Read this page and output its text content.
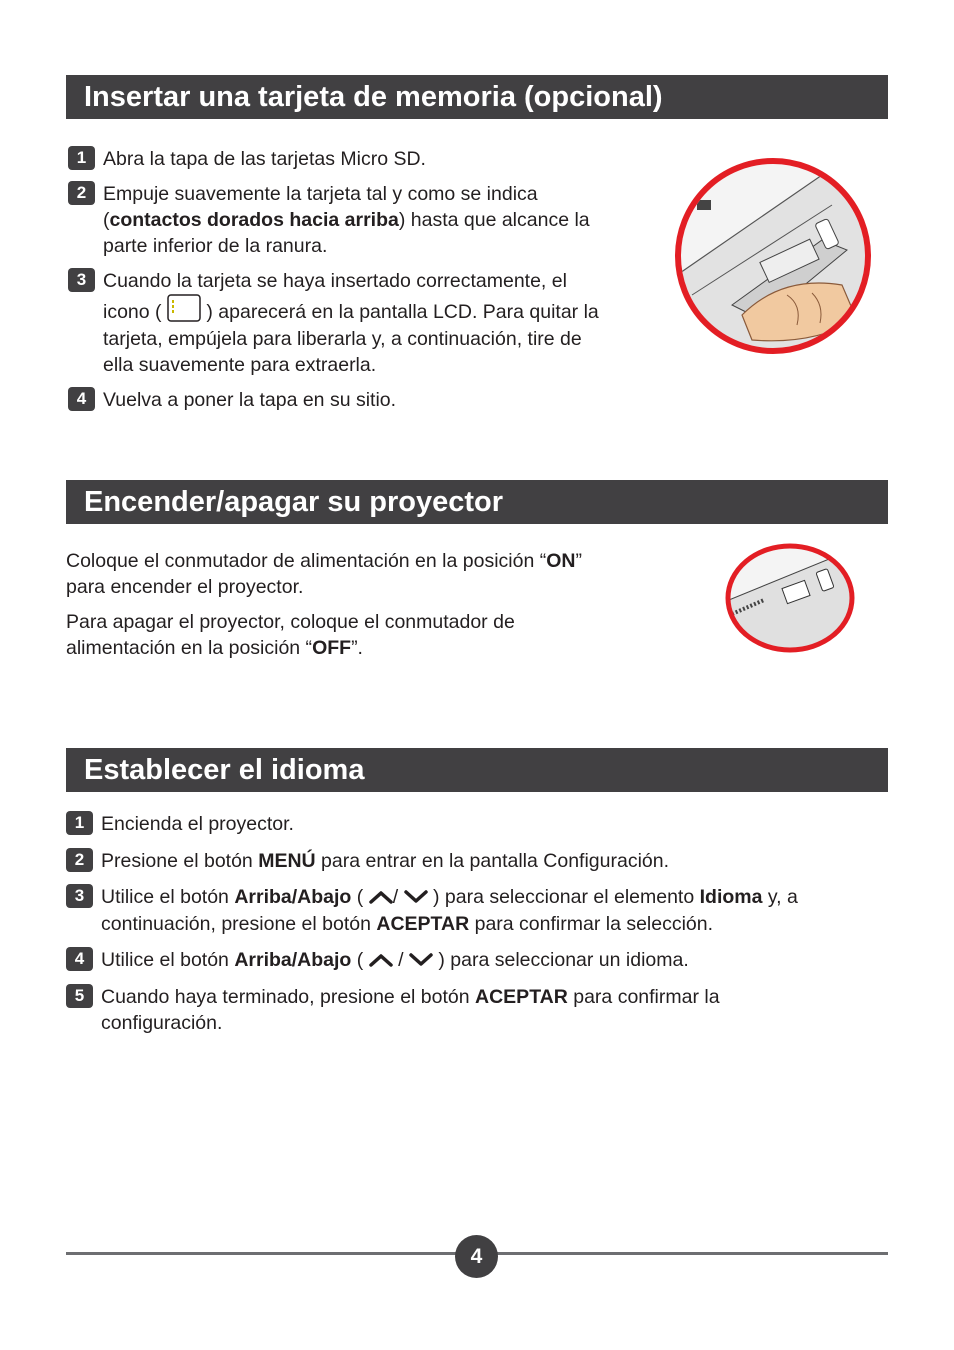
Insertar una tarjeta de memoria (opcional)
1 Abra la tapa de las tarjetas Micro SD.
2 Empuje suavemente la tarjeta tal y como se indica
(contactos dorados hacia arriba) hasta que alcance la
parte inferior de la ranura.
3 Cuando la tarjeta se haya insertado correctamente, el

icono ( ) aparecerá en la pantalla LCD. Para quitar la
tarjeta, empújela para liberarla y, a continuación, tire de
ella suavemente para extraerla.
4 Vuelva a poner la tapa en su sitio.
Encender/apagar su proyector
Coloque el conmutador de alimentación en la posición “ON”
para encender el proyector.
Para apagar el proyector, coloque el conmutador de
alimentación en la posición “OFF”.
Establecer el idioma
1 Encienda el proyector.
2 Presione el botón MENÚ para entrar en la pantalla Configuración.
3 Utilice el botón Arriba/Abajo ( / ) para seleccionar el elemento Idioma y, a
continuación, presione el botón ACEPTAR para confirmar la selección.
4 Utilice el botón Arriba/Abajo ( / ) para seleccionar un idioma.
5 Cuando haya terminado, presione el botón ACEPTAR para confirmar la
configuración.
4
